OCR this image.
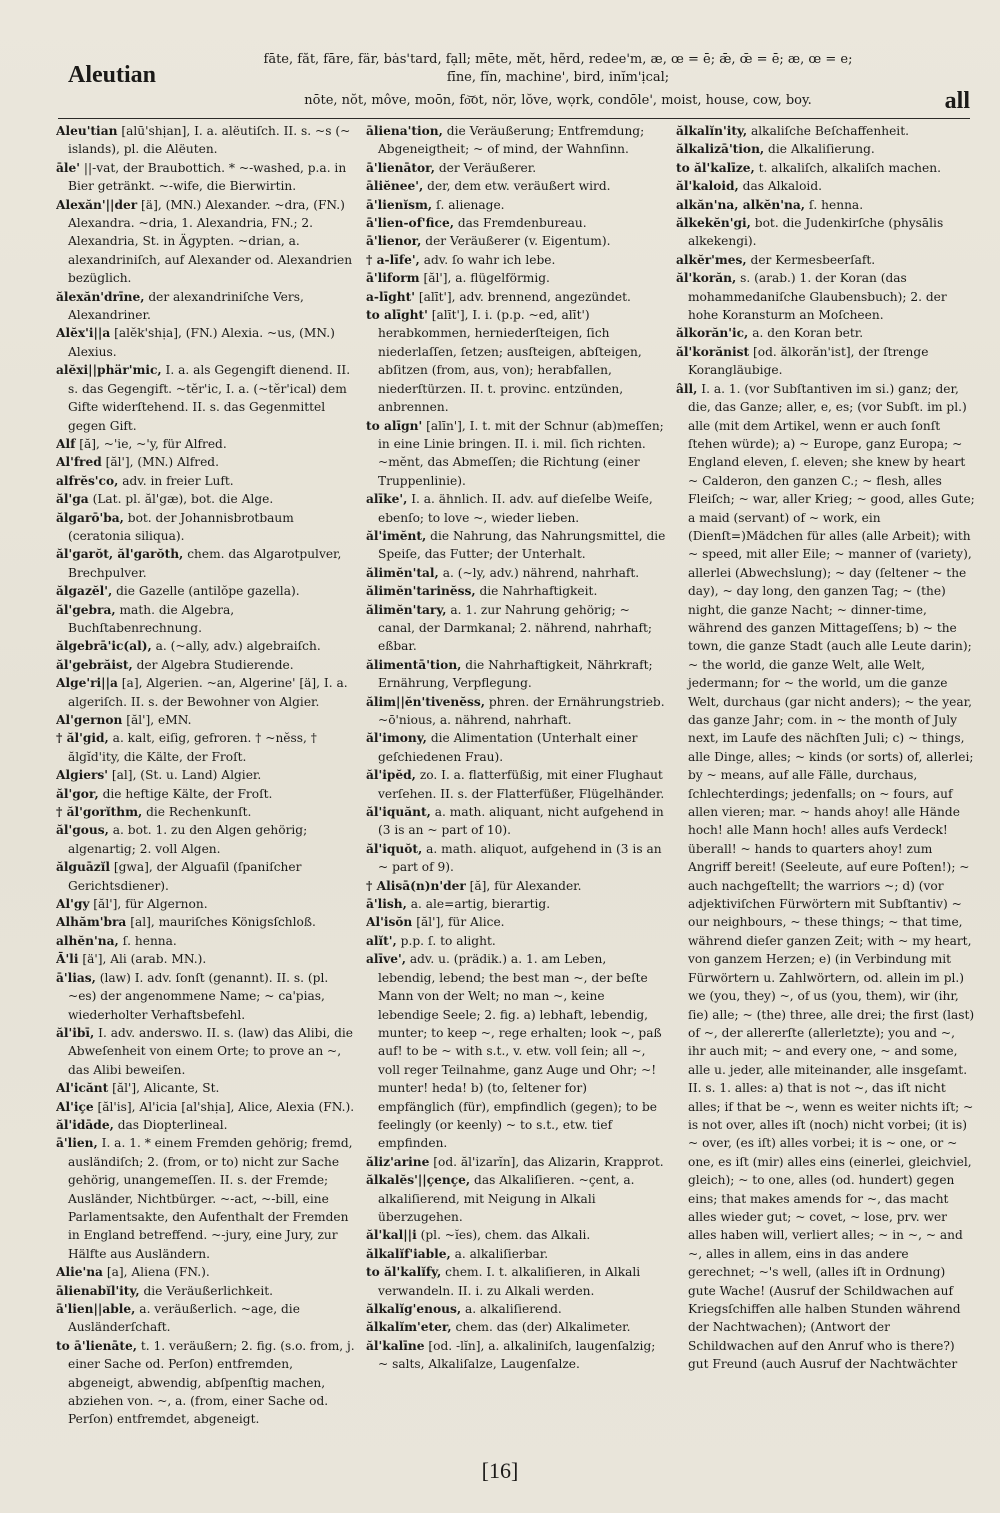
Aleutian
fāte, făt, fāre, fär, bȧs'tard, fạll; mēte, mĕt, hẽrd, redee'm, æ, œ = ē; ǣ, œ̄ = ē; æ, œ = e;
fīne, fĭn, machine', bird, inĭm'ịcal;
nōte, nŏt, môve, moōn, fo͝ot, nör, lŏve, wọrk, condōle', moist, house, cow, boy.	all

Aleu'tian [alū'shịan], I. a. alëutiſch. II. s. ~s (~ islands), pl. die Alëuten.

āle' ||-vat, der Braubottich. * ~-washed, p.a. in Bier getränkt. ~-wife, die Bierwirtin.

Alexăn'||der [ä], (MN.) Alexander. ~dra, (FN.) Alexandra. ~dria, 1. Alexandria, FN.; 2. Alexandria, St. in Ägypten. ~drian, a. alexandriniſch, auf Alexander od. Alexandrien bezüglich.

ălexăn'drīne, der alexandriniſche Vers, Alexandriner.

Alĕx'i||a [alĕk'shịa], (FN.) Alexia. ~us, (MN.) Alexius.

alĕxi||phär'mic, I. a. als Gegengift dienend. II. s. das Gegengift. ~tĕr'ic, I. a. (~tĕr'ical) dem Gifte widerſtehend. II. s. das Gegenmittel gegen Gift.

Alf [ă], ~'ie, ~'y, für Alfred.

Al'fred [ăl'], (MN.) Alfred.

alfrĕs'co, adv. in freier Luft.

ăl'ga (Lat. pl. ăl'gæ), bot. die Alge.

ălgarō'ba, bot. der Johannisbrotbaum (ceratonia siliqua).

ăl'garŏt, ăl'garŏth, chem. das Algarotpulver, Brechpulver.

ălgazĕl', die Gazelle (antilŏpe gazella).

ăl'gebra, math. die Algebra, Buchſtabenrechnung.

ălgebrā'ic(al), a. (~ally, adv.) algebraiſch.

ăl'gebrăist, der Algebra Studierende.

Alge'ri||a [a], Algerien. ~an, Algerine' [ä], I. a. algeriſch. II. s. der Bewohner von Algier.

Al'gernon [ăl'], eMN.

† ăl'gid, a. kalt, eiſig, gefroren. † ~nĕss, † ălgĭd'ity, die Kälte, der Froſt.

Algiers' [al], (St. u. Land) Algier.

ăl'gor, die heftige Kälte, der Froſt.

† ăl'gorĭthm, die Rechenkunſt.

ăl'gous, a. bot. 1. zu den Algen gehörig; algenartig; 2. voll Algen.

ălguāzĭl [gwa], der Alguaſil (ſpaniſcher Gerichtsdiener).

Al'gy [ăl'], für Algernon.

Alhăm'bra [al], mauriſches Königsſchloß.

alhĕn'na, ſ. henna.

Ā'li [ä'], Ali (arab. MN.).

ā'lias, (law) I. adv. ſonſt (genannt). II. s. (pl. ~es) der angenommene Name; ~ ca'pias, wiederholter Verhaftsbefehl.

ăl'ibī, I. adv. anderswo. II. s. (law) das Alibi, die Abweſenheit von einem Orte; to prove an ~, das Alibi beweiſen.

Al'icănt [ăl'], Alicante, St.

Al'içe [ăl'is], Al'icia [al'shịa], Alice, Alexia (FN.).

ăl'idāde, das Diopterlineal.

ā'lien, I. a. 1. * einem Fremden gehörig; fremd, ausländiſch; 2. (from, or to) nicht zur Sache gehörig, unangemeſſen. II. s. der Fremde; Ausländer, Nichtbürger. ~-act, ~-bill, eine Parlamentsakte, den Aufenthalt der Fremden in England betreffend. ~-jury, eine Jury, zur Hälfte aus Ausländern.

Alie'na [a], Aliena (FN.).

ālienabĭl'ity, die Veräußerlichkeit.

ā'lien||able, a. veräußerlich. ~age, die Ausländerſchaft.

to ā'lienāte, t. 1. veräußern; 2. fig. (s.o. from, j. einer Sache od. Perſon) entfremden, abgeneigt, abwendig, abſpenſtig machen, abziehen von. ~, a. (from, einer Sache od. Perſon) entfremdet, abgeneigt.

āliena'tion, die Veräußerung; Entfremdung; Abgeneigtheit; ~ of mind, der Wahnſinn.

ā'lienātor, der Veräußerer.

āliĕnee', der, dem etw. veräußert wird.

ā'lienĭsm, ſ. alienage.

ā'lien-of'fice, das Fremdenbureau.

ā'lienor, der Veräußerer (v. Eigentum).

† a-līfe', adv. ſo wahr ich lebe.

ā'liform [ăl'], a. flügelförmig.

a-līght' [alīt'], adv. brennend, angezündet.

to alīght' [alīt'], I. i. (p.p. ~ed, alīt') herabkommen, herniederſteigen, ſich niederlaſſen, ſetzen; ausſteigen, abſteigen, abſitzen (from, aus, von); herabfallen, niederſtürzen. II. t. provinc. entzünden, anbrennen.

to alīgn' [alīn'], I. t. mit der Schnur (ab)meſſen; in eine Linie bringen. II. i. mil. ſich richten. ~mĕnt, das Abmeſſen; die Richtung (einer Truppenlinie).

alīke', I. a. ähnlich. II. adv. auf dieſelbe Weiſe, ebenſo; to love ~, wieder lieben.

ăl'imĕnt, die Nahrung, das Nahrungsmittel, die Speiſe, das Futter; der Unterhalt.

ălimĕn'tal, a. (~ly, adv.) nährend, nahrhaft.

ălimĕn'tarinĕss, die Nahrhaftigkeit.

ălimĕn'tary, a. 1. zur Nahrung gehörig; ~ canal, der Darmkanal; 2. nährend, nahrhaft; eßbar.

ălimentā'tion, die Nahrhaftigkeit, Nährkraft; Ernährung, Verpflegung.

ălim||ĕn'tivenĕss, phren. der Ernährungstrieb. ~ō'nious, a. nährend, nahrhaft.

ăl'imony, die Alimentation (Unterhalt einer geſchiedenen Frau).

ăl'ipĕd, zo. I. a. flatterfüßig, mit einer Flughaut verſehen. II. s. der Flatterfüßer, Flügelhänder.

ăl'iquănt, a. math. aliquant, nicht aufgehend in (3 is an ~ part of 10).

ăl'iquŏt, a. math. aliquot, aufgehend in (3 is an ~ part of 9).

† Alisā(n)n'der [ă], für Alexander.

ā'lish, a. ale=artig, bierartig.

Al'isŏn [ăl'], für Alice.

alĭt', p.p. ſ. to alight.

alīve', adv. u. (prädik.) a. 1. am Leben, lebendig, lebend; the best man ~, der beſte Mann von der Welt; no man ~, keine lebendige Seele; 2. fig. a) lebhaft, lebendig, munter; to keep ~, rege erhalten; look ~, paß auf! to be ~ with s.t., v. etw. voll ſein; all ~, voll reger Teilnahme, ganz Auge und Ohr; ~! munter! heda! b) (to, ſeltener for) empfänglich (für), empfindlich (gegen); to be feelingly (or keenly) ~ to s.t., etw. tief empfinden.

ăliz'arine [od. ăl'izarĭn], das Alizarin, Krapprot.

ălkalĕs'||çençe, das Alkaliſieren. ~çent, a. alkaliſierend, mit Neigung in Alkali überzugehen.

ăl'kal||i (pl. ~ĭes), chem. das Alkali.

ălkalĭf'iable, a. alkaliſierbar.

to ăl'kalĭfy, chem. I. t. alkaliſieren, in Alkali verwandeln. II. i. zu Alkali werden.

ălkalĭg'enous, a. alkaliſierend.

ălkalĭm'eter, chem. das (der) Alkalimeter.

ăl'kalīne [od. -lĭn], a. alkaliniſch, laugenſalzig; ~ salts, Alkaliſalze, Laugenſalze.

ălkalĭn'ity, alkaliſche Beſchaffenheit.

ălkalizā'tion, die Alkaliſierung.

to ăl'kalīze, t. alkaliſch, alkaliſch machen.

ăl'kaloid, das Alkaloid.

alkăn'na, alkĕn'na, ſ. henna.

ălkekĕn'gi, bot. die Judenkirſche (physālis alkekengi).

alkĕr'mes, der Kermesbeerſaft.

ăl'korăn, s. (arab.) 1. der Koran (das mohammedaniſche Glaubensbuch); 2. der hohe Koransturm an Moſcheen.

ălkorăn'ic, a. den Koran betr.

ăl'korănist [od. ălkorăn'ist], der ſtrenge Korangläubige.

âll, I. a. 1. (vor Subſtantiven im si.) ganz; der, die, das Ganze; aller, e, es; (vor Subſt. im pl.) alle (mit dem Artikel, wenn er auch ſonſt ſtehen würde); a) ~ Europe, ganz Europa; ~ England eleven, ſ. eleven; she knew by heart ~ Calderon, den ganzen C.; ~ flesh, alles Fleiſch; ~ war, aller Krieg; ~ good, alles Gute; a maid (servant) of ~ work, ein (Dienſt=)Mädchen für alles (alle Arbeit); with ~ speed, mit aller Eile; ~ manner of (variety), allerlei (Abwechslung); ~ day (ſeltener ~ the day), ~ day long, den ganzen Tag; ~ (the) night, die ganze Nacht; ~ dinner-time, während des ganzen Mittageſſens; b) ~ the town, die ganze Stadt (auch alle Leute darin); ~ the world, die ganze Welt, alle Welt, jedermann; for ~ the world, um die ganze Welt, durchaus (gar nicht anders); ~ the year, das ganze Jahr; com. in ~ the month of July next, im Laufe des nächſten Juli; c) ~ things, alle Dinge, alles; ~ kinds (or sorts) of, allerlei; by ~ means, auf alle Fälle, durchaus, ſchlechterdings; jedenfalls; on ~ fours, auf allen vieren; mar. ~ hands ahoy! alle Hände hoch! alle Mann hoch! alles aufs Verdeck! überall! ~ hands to quarters ahoy! zum Angriff bereit! (Seeleute, auf eure Poſten!); ~ auch nachgeſtellt; the warriors ~; d) (vor adjektiviſchen Fürwörtern mit Subſtantiv) ~ our neighbours, ~ these things; ~ that time, während dieſer ganzen Zeit; with ~ my heart, von ganzem Herzen; e) (in Verbindung mit Fürwörtern u. Zahlwörtern, od. allein im pl.) we (you, they) ~, of us (you, them), wir (ihr, ſie) alle; ~ (the) three, alle drei; the first (last) of ~, der allererſte (allerletzte); you and ~, ihr auch mit; ~ and every one, ~ and some, alle u. jeder, alle miteinander, alle insgeſamt. II. s. 1. alles: a) that is not ~, das iſt nicht alles; if that be ~, wenn es weiter nichts iſt; ~ is not over, alles iſt (noch) nicht vorbei; (it is) ~ over, (es iſt) alles vorbei; it is ~ one, or ~ one, es iſt (mir) alles eins (einerlei, gleichviel, gleich); ~ to one, alles (od. hundert) gegen eins; that makes amends for ~, das macht alles wieder gut; ~ covet, ~ lose, prv. wer alles haben will, verliert alles; ~ in ~, ~ and ~, alles in allem, eins in das andere gerechnet; ~'s well, (alles iſt in Ordnung) gute Wache! (Ausruf der Schildwachen auf Kriegsſchiffen alle halben Stunden während der Nachtwachen); (Antwort der Schildwachen auf den Anruf who is there?) gut Freund (auch Ausruf der Nachtwächter

[16]
